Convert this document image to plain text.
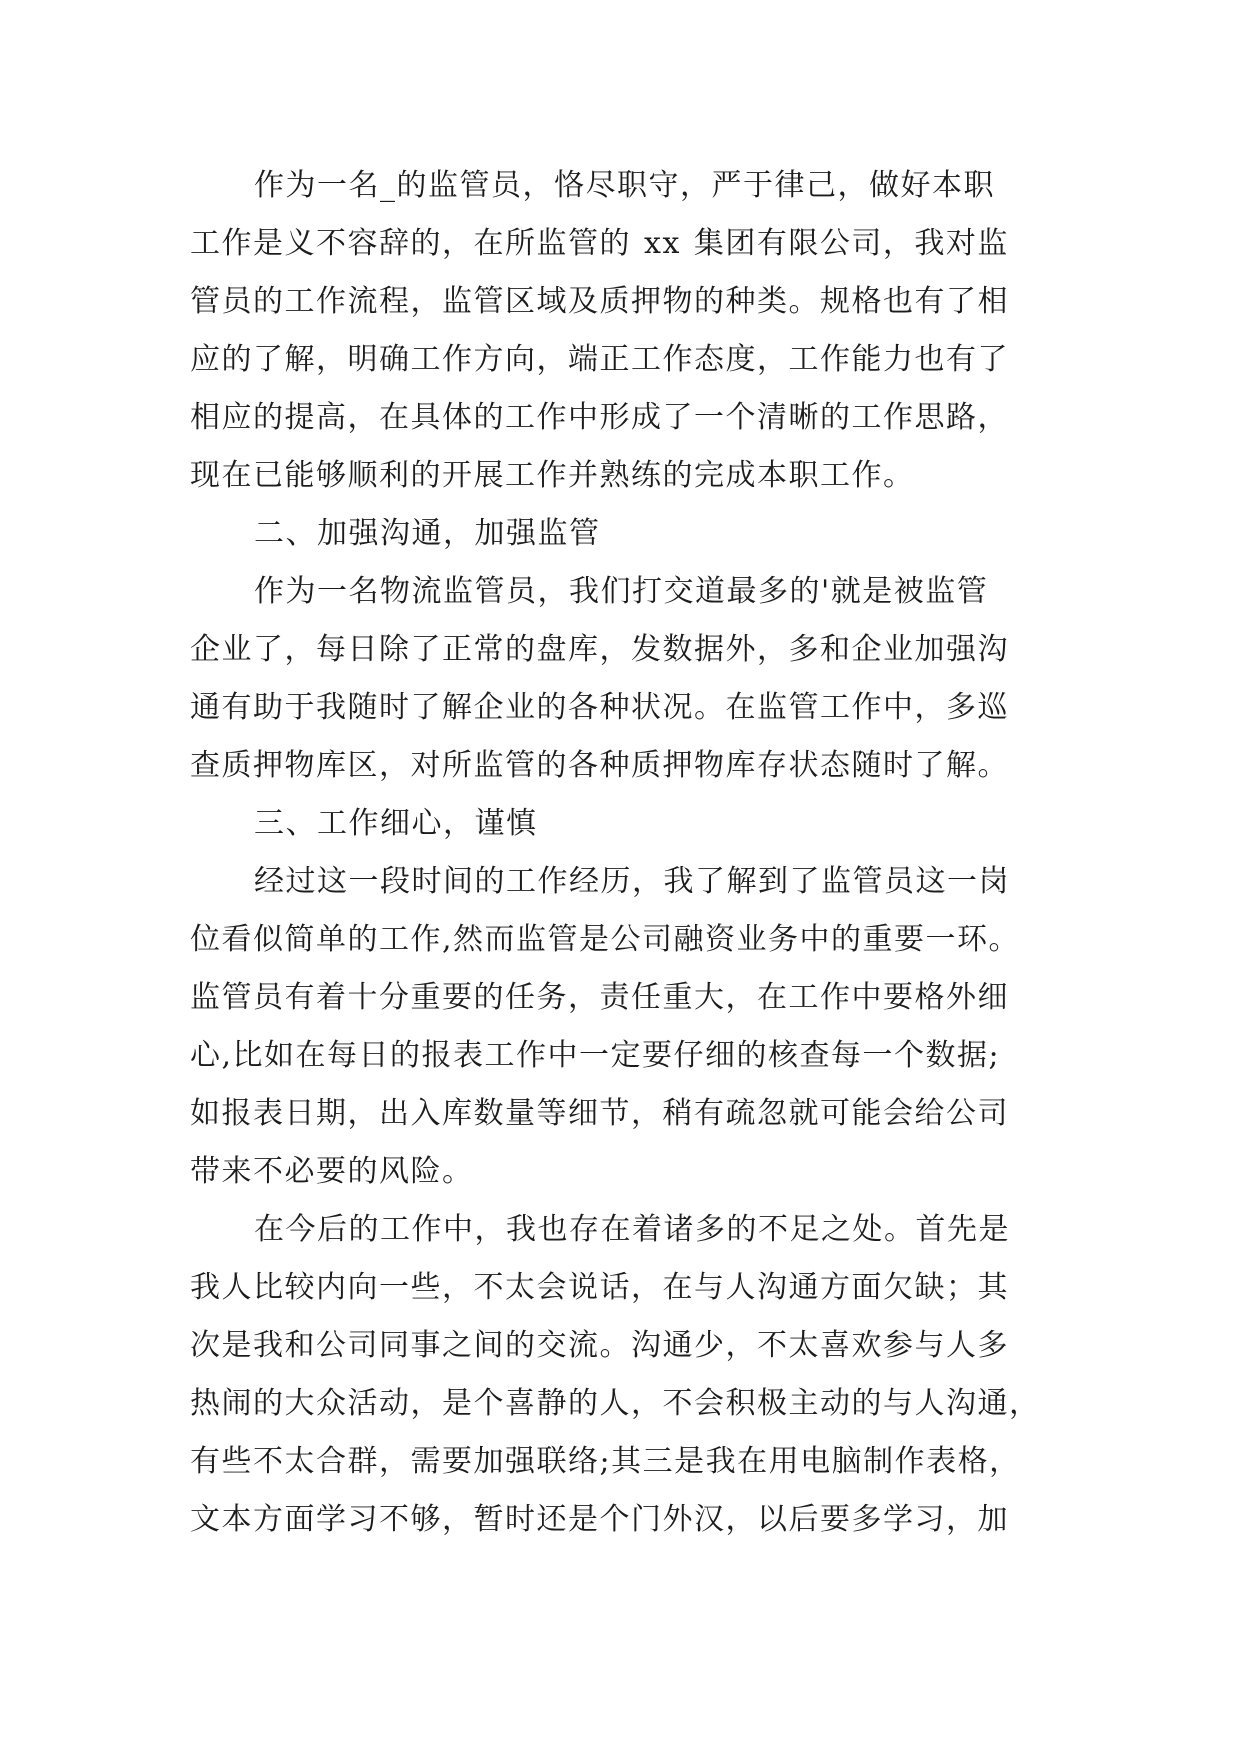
作为一名_的监管员，恪尽职守，严于律己，做好本职
工作是义不容辞的，在所监管的 xx 集团有限公司，我对监
管员的工作流程，监管区域及质押物的种类。规格也有了相
应的了解，明确工作方向，端正工作态度，工作能力也有了
相应的提高，在具体的工作中形成了一个清晰的工作思路，
现在已能够顺利的开展工作并熟练的完成本职工作。
二、加强沟通，加强监管
作为一名物流监管员，我们打交道最多的'就是被监管
企业了，每日除了正常的盘库，发数据外，多和企业加强沟
通有助于我随时了解企业的各种状况。在监管工作中，多巡
查质押物库区，对所监管的各种质押物库存状态随时了解。
三、工作细心，谨慎
经过这一段时间的工作经历，我了解到了监管员这一岗
位看似简单的工作,然而监管是公司融资业务中的重要一环。
监管员有着十分重要的任务，责任重大，在工作中要格外细
心,比如在每日的报表工作中一定要仔细的核查每一个数据;
如报表日期，出入库数量等细节，稍有疏忽就可能会给公司
带来不必要的风险。
在今后的工作中，我也存在着诸多的不足之处。首先是
我人比较内向一些，不太会说话，在与人沟通方面欠缺；其
次是我和公司同事之间的交流。沟通少，不太喜欢参与人多
热闹的大众活动，是个喜静的人，不会积极主动的与人沟通，
有些不太合群，需要加强联络;其三是我在用电脑制作表格，
文本方面学习不够，暂时还是个门外汉，以后要多学习，加
